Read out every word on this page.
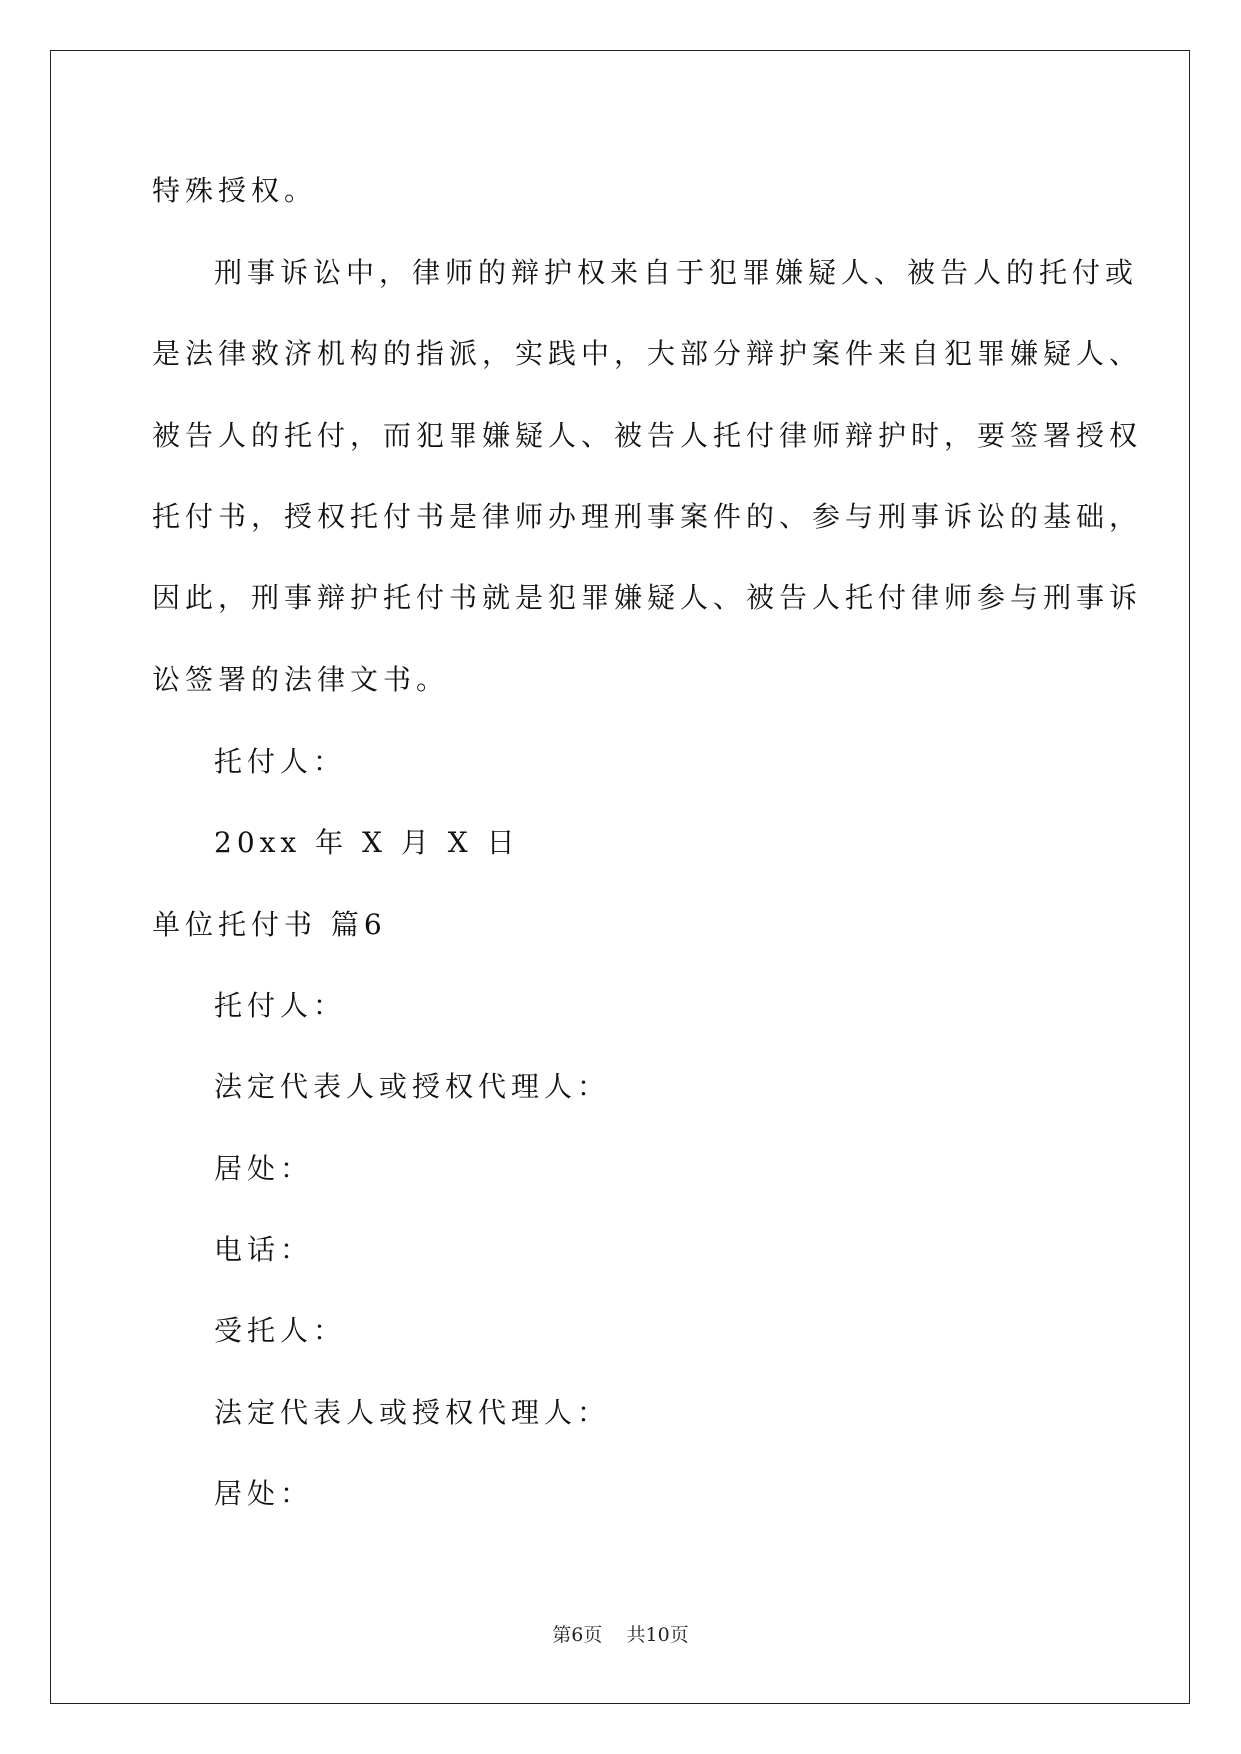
特殊授权。
刑事诉讼中，律师的辩护权来自于犯罪嫌疑人、被告人的托付或
是法律救济机构的指派，实践中，大部分辩护案件来自犯罪嫌疑人、
被告人的托付，而犯罪嫌疑人、被告人托付律师辩护时，要签署授权
托付书，授权托付书是律师办理刑事案件的、参与刑事诉讼的基础，
因此，刑事辩护托付书就是犯罪嫌疑人、被告人托付律师参与刑事诉
讼签署的法律文书。
托付人：
20xx 年 X 月 X 日
单位托付书 篇6
托付人：
法定代表人或授权代理人：
居处：
电话：
受托人：
法定代表人或授权代理人：
居处：
第6页 共10页
